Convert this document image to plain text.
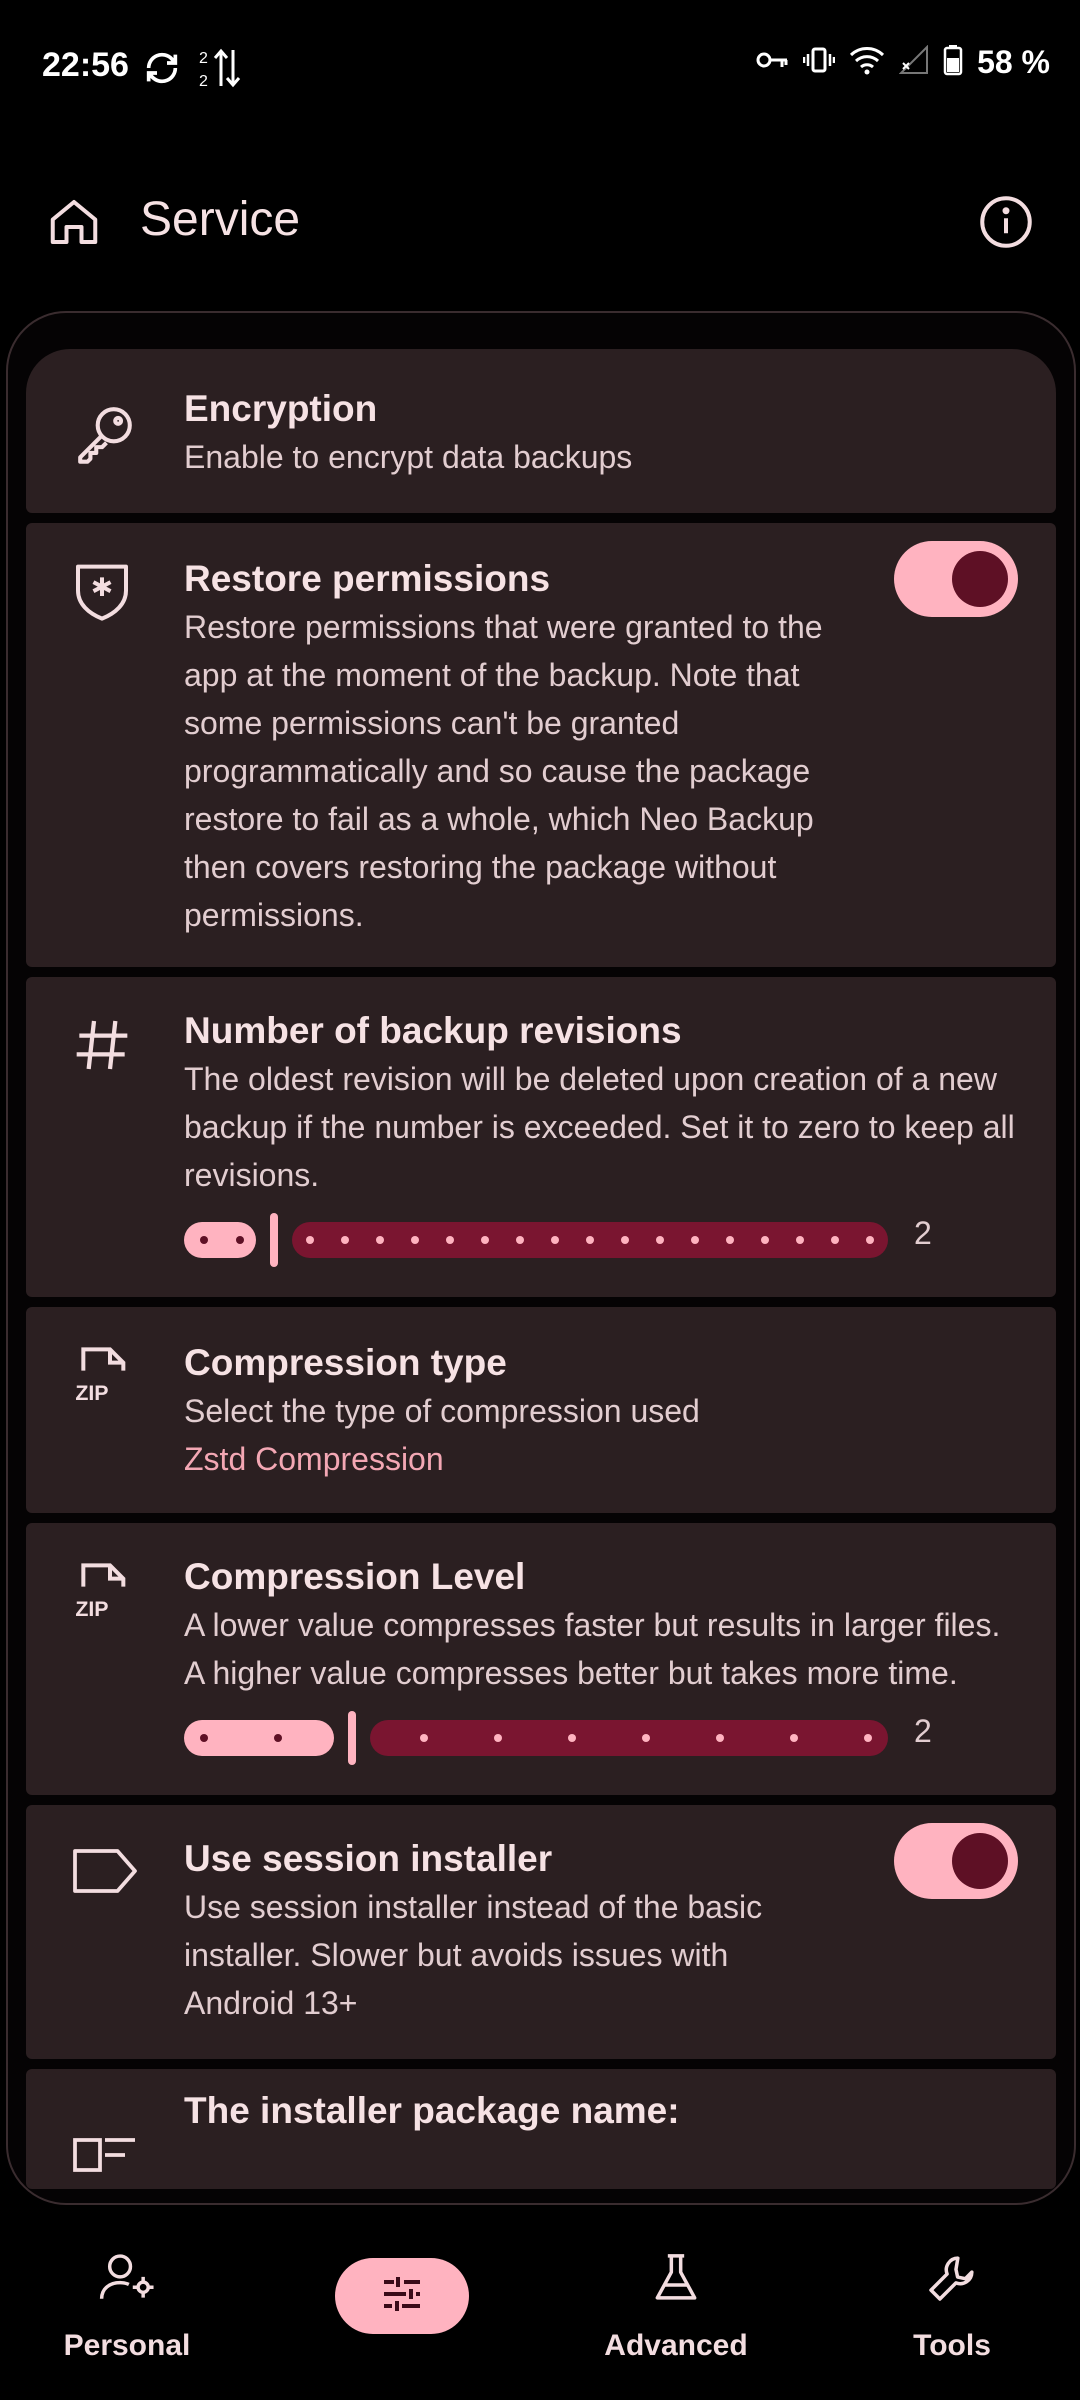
22:56	2
2
58 %
Service
Encryption
Enable to encrypt data backups
Restore permissions
Restore permissions that were granted to the app at the moment of the backup. Note that some permissions can't be granted programmatically and so cause the package restore to fail as a whole, which Neo Backup then covers restoring the package without permissions.
Number of backup revisions
The oldest revision will be deleted upon creation of a new backup if the number is exceeded. Set it to zero to keep all revisions.
2
ZIP
Compression type
Select the type of compression used
Zstd Compression
ZIP
Compression Level
A lower value compresses faster but results in larger files. A higher value compresses better but takes more time.
2
Use session installer
Use session installer instead of the basic installer. Slower but avoids issues with Android 13+
The installer package name:
Personal	Advanced	Tools
